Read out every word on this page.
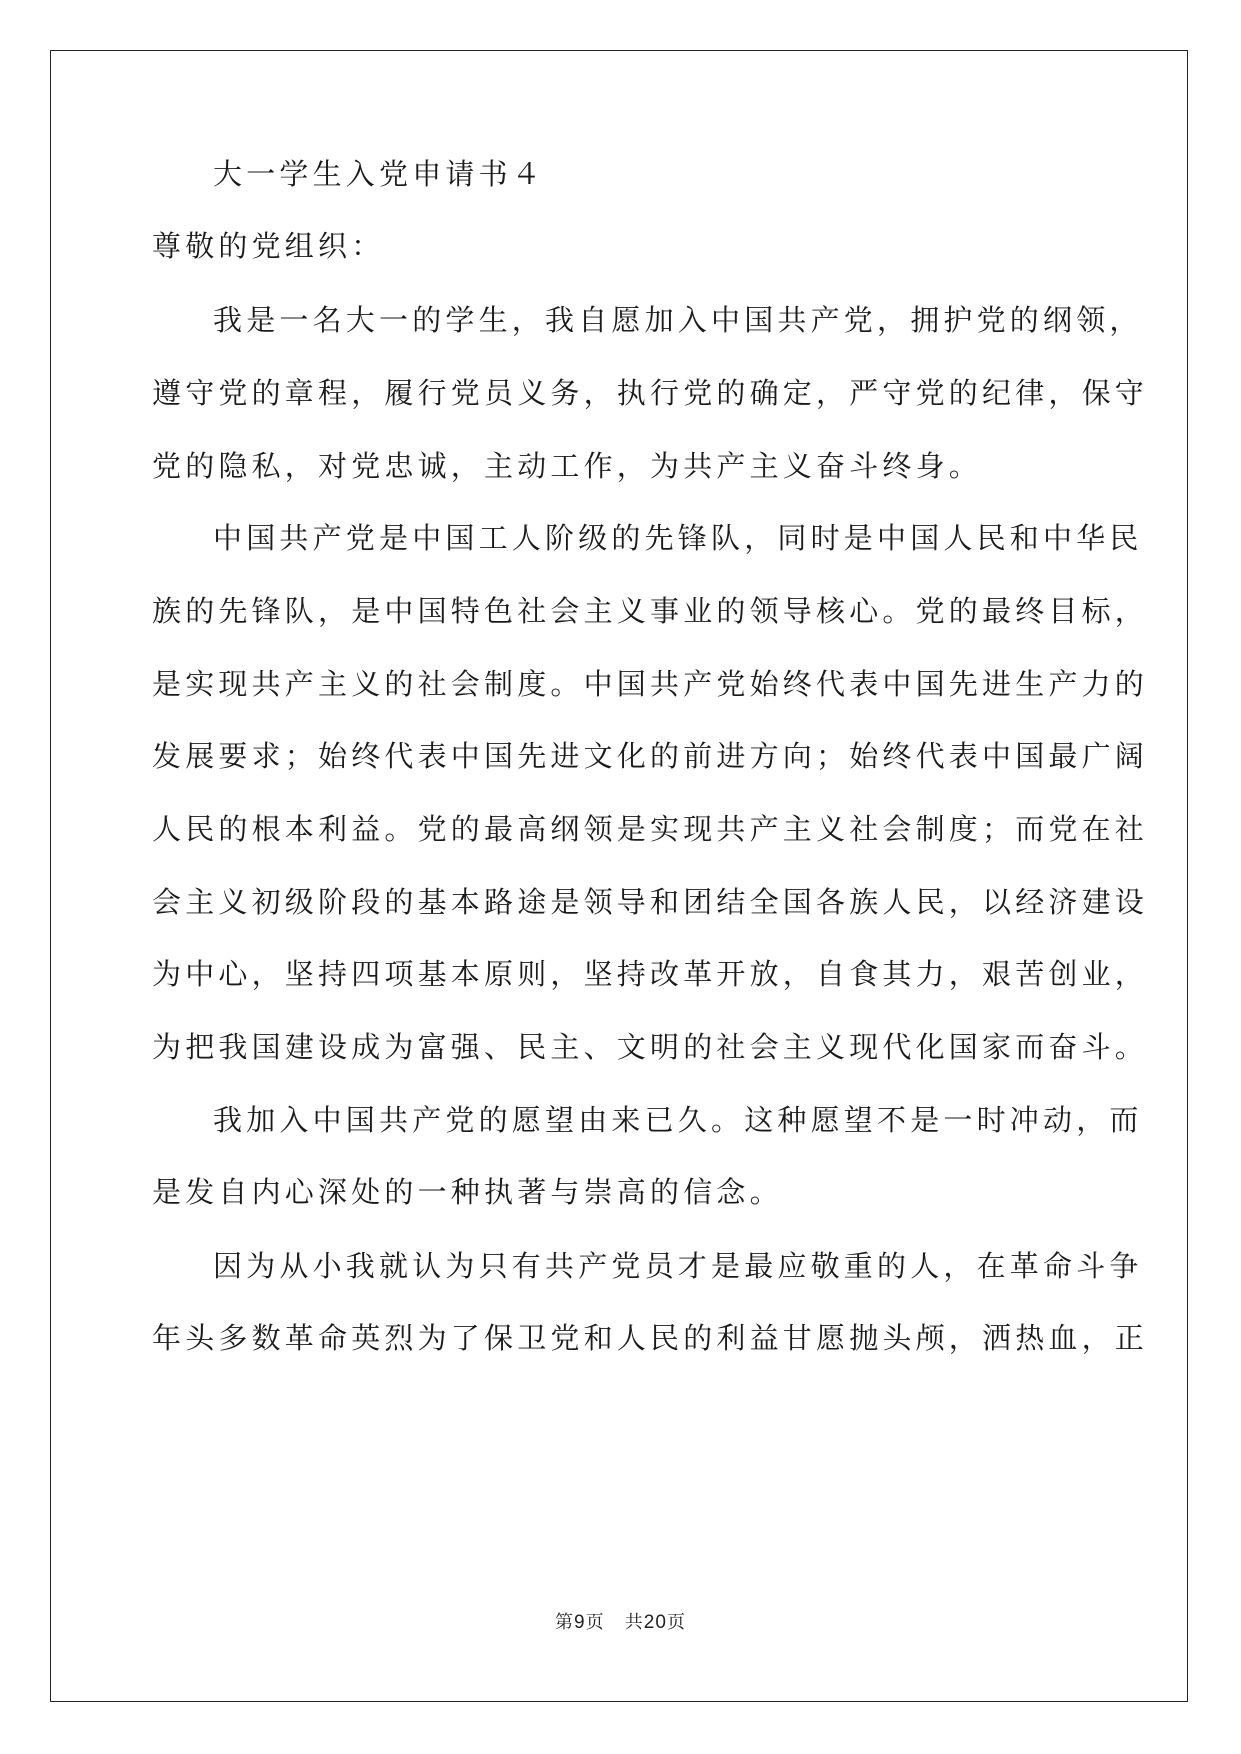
大一学生入党申请书４
尊敬的党组织：
我是一名大一的学生，我自愿加入中国共产党，拥护党的纲领，
遵守党的章程，履行党员义务，执行党的确定，严守党的纪律，保守
党的隐私，对党忠诚，主动工作，为共产主义奋斗终身。
中国共产党是中国工人阶级的先锋队，同时是中国人民和中华民
族的先锋队，是中国特色社会主义事业的领导核心。党的最终目标，
是实现共产主义的社会制度。中国共产党始终代表中国先进生产力的
发展要求；始终代表中国先进文化的前进方向；始终代表中国最广阔
人民的根本利益。党的最高纲领是实现共产主义社会制度；而党在社
会主义初级阶段的基本路途是领导和团结全国各族人民，以经济建设
为中心，坚持四项基本原则，坚持改革开放，自食其力，艰苦创业，
为把我国建设成为富强、民主、文明的社会主义现代化国家而奋斗。
我加入中国共产党的愿望由来已久。这种愿望不是一时冲动，而
是发自内心深处的一种执著与崇高的信念。
因为从小我就认为只有共产党员才是最应敬重的人，在革命斗争
年头多数革命英烈为了保卫党和人民的利益甘愿抛头颅，洒热血，正
第9页 共20页
